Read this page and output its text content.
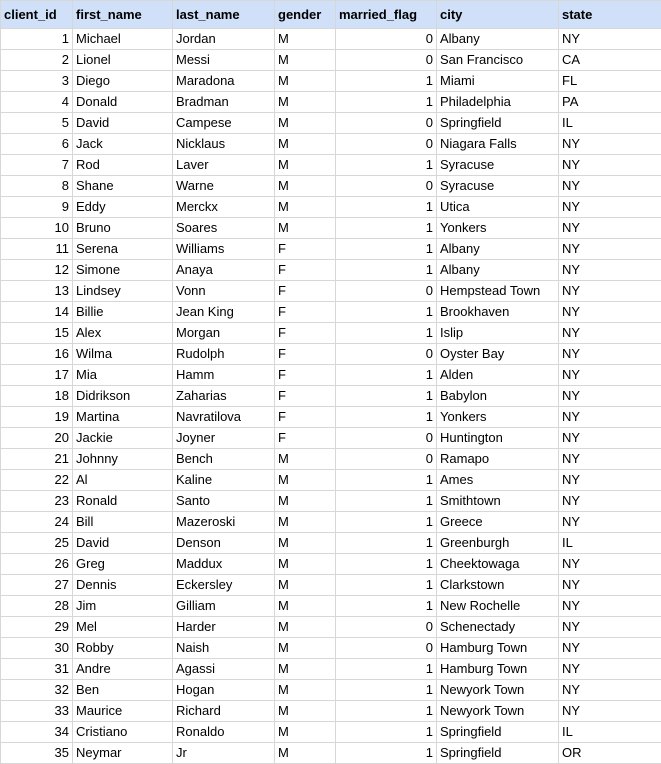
client_id	first_name	last_name	gender	married_flag	city	state
1	Michael	Jordan	M	0	Albany	NY
2	Lionel	Messi	M	0	San Francisco	CA
3	Diego	Maradona	M	1	Miami	FL
4	Donald	Bradman	M	1	Philadelphia	PA
5	David	Campese	M	0	Springfield	IL
6	Jack	Nicklaus	M	0	Niagara Falls	NY
7	Rod	Laver	M	1	Syracuse	NY
8	Shane	Warne	M	0	Syracuse	NY
9	Eddy	Merckx	M	1	Utica	NY
10	Bruno	Soares	M	1	Yonkers	NY
11	Serena	Williams	F	1	Albany	NY
12	Simone	Anaya	F	1	Albany	NY
13	Lindsey	Vonn	F	0	Hempstead Town	NY
14	Billie	Jean King	F	1	Brookhaven	NY
15	Alex	Morgan	F	1	Islip	NY
16	Wilma	Rudolph	F	0	Oyster Bay	NY
17	Mia	Hamm	F	1	Alden	NY
18	Didrikson	Zaharias	F	1	Babylon	NY
19	Martina	Navratilova	F	1	Yonkers	NY
20	Jackie	Joyner	F	0	Huntington	NY
21	Johnny	Bench	M	0	Ramapo	NY
22	Al	Kaline	M	1	Ames	NY
23	Ronald	Santo	M	1	Smithtown	NY
24	Bill	Mazeroski	M	1	Greece	NY
25	David	Denson	M	1	Greenburgh	IL
26	Greg	Maddux	M	1	Cheektowaga	NY
27	Dennis	Eckersley	M	1	Clarkstown	NY
28	Jim	Gilliam	M	1	New Rochelle	NY
29	Mel	Harder	M	0	Schenectady	NY
30	Robby	Naish	M	0	Hamburg Town	NY
31	Andre	Agassi	M	1	Hamburg Town	NY
32	Ben	Hogan	M	1	Newyork Town	NY
33	Maurice	Richard	M	1	Newyork Town	NY
34	Cristiano	Ronaldo	M	1	Springfield	IL
35	Neymar	Jr	M	1	Springfield	OR
